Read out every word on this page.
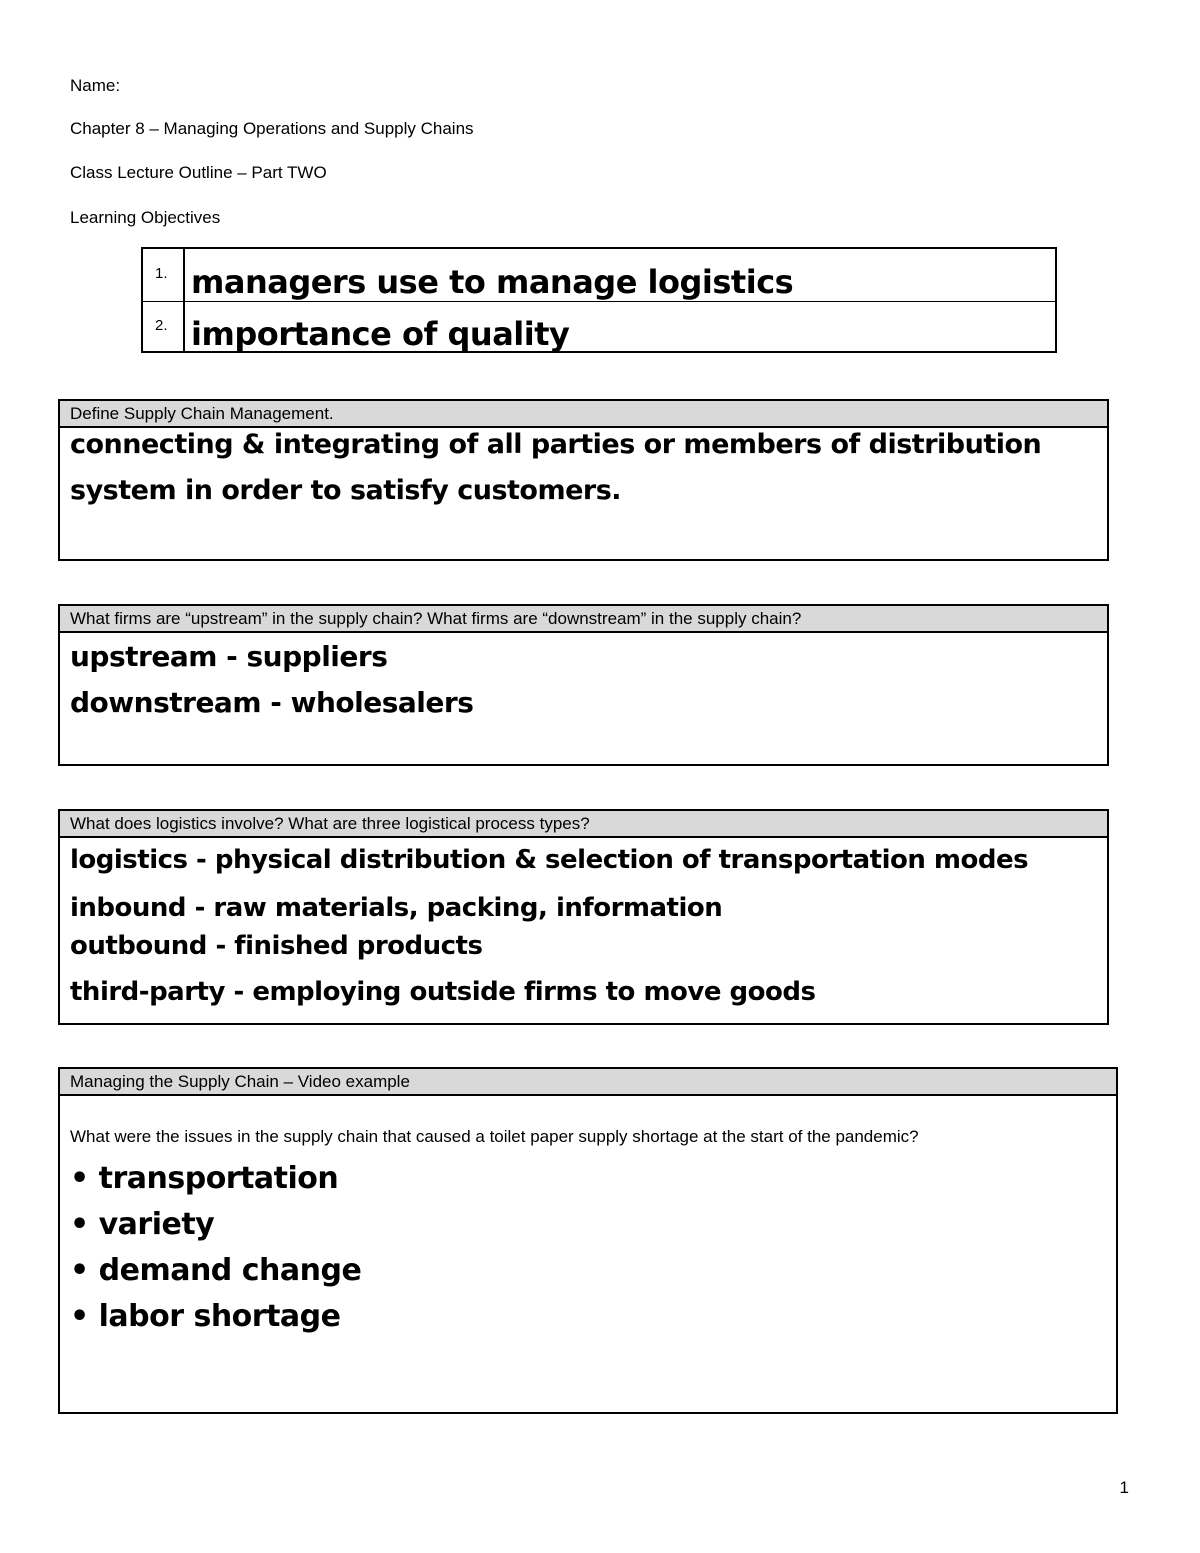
Name:
Chapter 8 – Managing Operations and Supply Chains
Class Lecture Outline – Part TWO
Learning Objectives
1. managers use to manage logistics
2. importance of quality
Define Supply Chain Management.
connecting & integrating of all parties or members of distribution
system in order to satisfy customers.
What firms are “upstream” in the supply chain? What firms are “downstream” in the supply chain?
upstream - suppliers
downstream - wholesalers
What does logistics involve? What are three logistical process types?
logistics - physical distribution & selection of transportation modes
inbound - raw materials, packing, information
outbound - finished products
third-party - employing outside firms to move goods
Managing the Supply Chain – Video example
What were the issues in the supply chain that caused a toilet paper supply shortage at the start of the pandemic?
• transportation
• variety
• demand change
• labor shortage
1
